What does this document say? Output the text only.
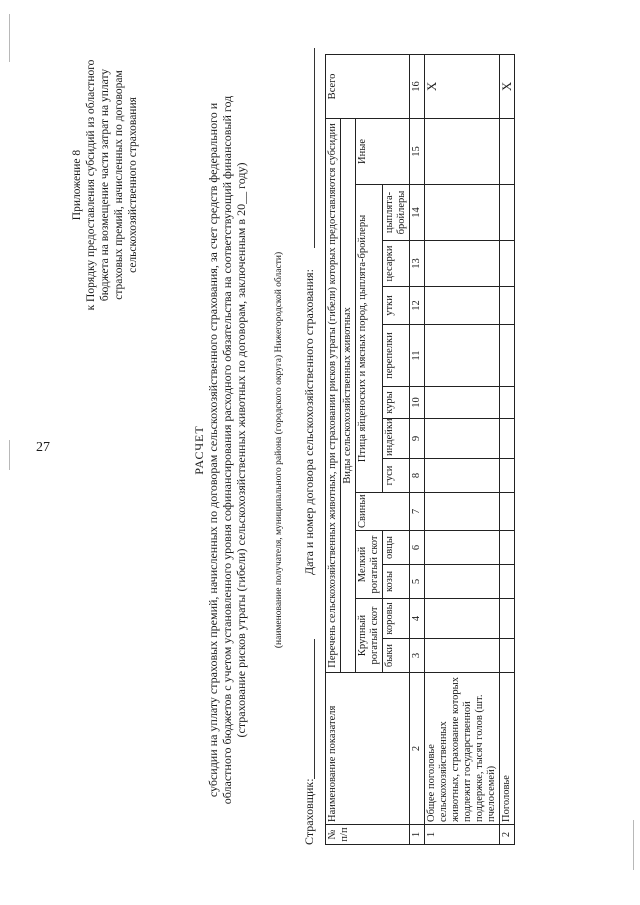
27
Приложение 8 к Порядку предоставления субсидий из областного бюджета на возмещение части затрат на уплату страховых премий, начисленных по договорам сельскохозяйственного страхования
РАСЧЕТ субсидии на уплату страховых премий, начисленных по договорам сельскохозяйственного страхования, за счет средств федерального и областного бюджетов с учетом установленного уровня софинансирования расходного обязательства на соответствующий финансовый год (страхование рисков утраты (гибели) сельскохозяйственных животных по договорам, заключенным в 20__ году)	(наименование получателя, муниципального района (городского округа) Нижегородской области)
Страховщик:
Дата и номер договора сельскохозяйственного страхования:
№ п/п	Наименование показателя	Перечень сельскохозяйственных животных, при страховании рисков утраты (гибели) которых предоставляются субсидии													Всего
		Виды сельскохозяйственных животных													
		Крупный рогатый скот		Мелкий рогатый скот		Свиньи	Птица яйценоских и мясных пород, цыплята-бройлеры							Иные	
		быки	коровы	козы	овцы		гуси	индейки	куры	перепелки	утки	цесарки	цыплята-бройлеры		
1	2	3	4	5	6	7	8	9	10	11	12	13	14	15	16
1	Общее поголовье сельскохозяйственных животных, страхование которых подлежит государственной поддержке, тысяч голов (шт. пчелосемей)														Х
2	Поголовье														Х
